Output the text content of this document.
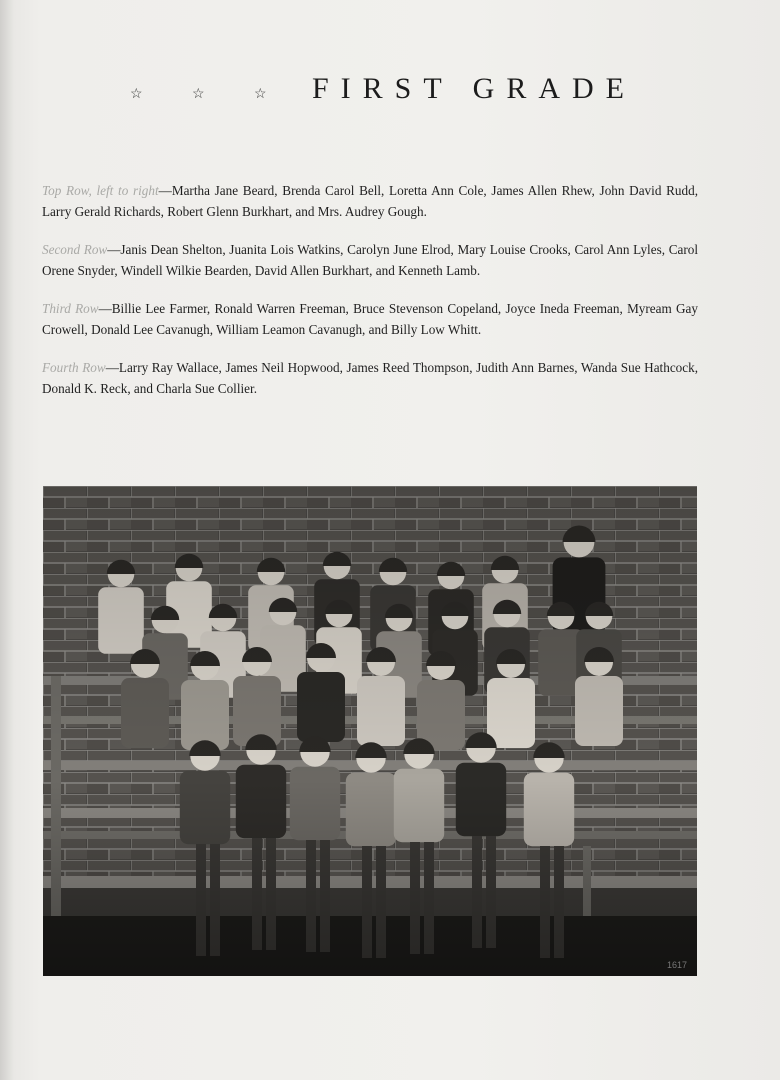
☆	☆	☆	FIRST GRADE

Top Row, left to right—Martha Jane Beard, Brenda Carol Bell, Loretta Ann Cole, James Allen Rhew, John David Rudd, Larry Gerald Richards, Robert Glenn Burkhart, and Mrs. Audrey Gough.

Second Row—Janis Dean Shelton, Juanita Lois Watkins, Carolyn June Elrod, Mary Louise Crooks, Carol Ann Lyles, Carol Orene Snyder, Windell Wilkie Bearden, David Allen Burkhart, and Kenneth Lamb.

Third Row—Billie Lee Farmer, Ronald Warren Freeman, Bruce Stevenson Copeland, Joyce Ineda Freeman, Myream Gay Crowell, Donald Lee Cavanugh, William Leamon Cavanugh, and Billy Low Whitt.

Fourth Row—Larry Ray Wallace, James Neil Hopwood, James Reed Thompson, Judith Ann Barnes, Wanda Sue Hathcock, Donald K. Reck, and Charla Sue Collier.

1617
